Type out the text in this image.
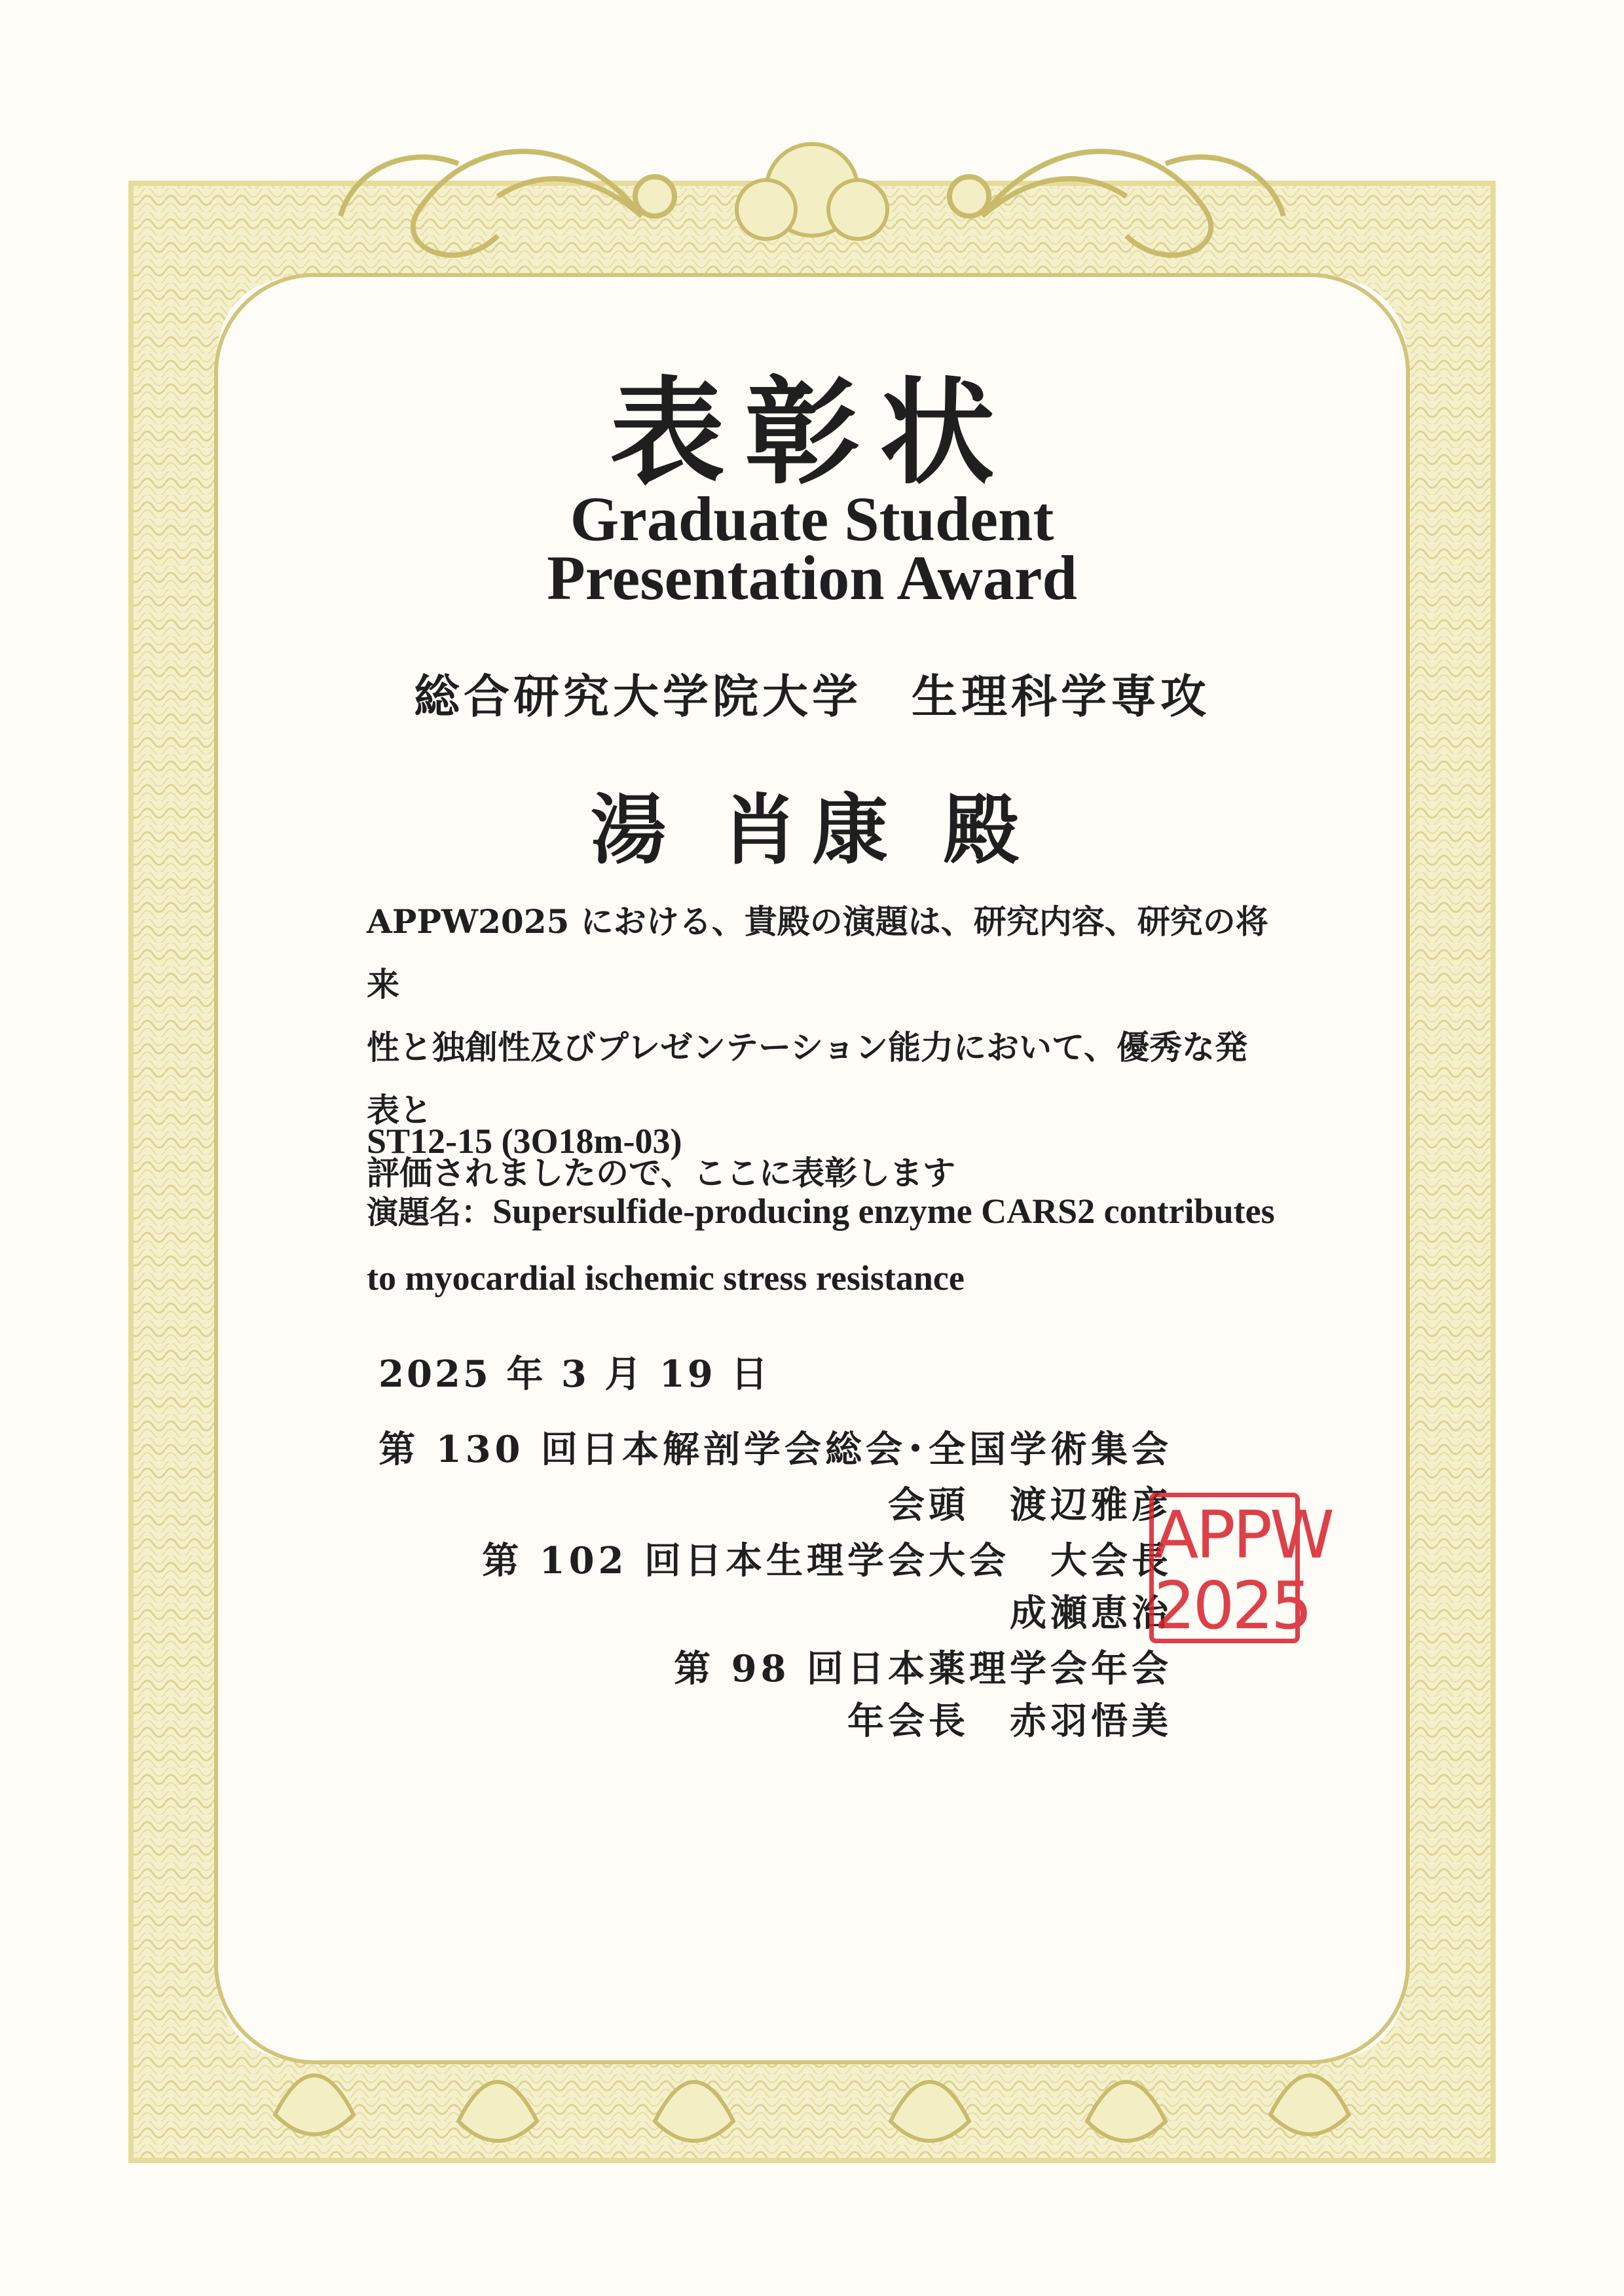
表彰状
Graduate Student
Presentation Award
総合研究大学院大学　生理科学専攻
湯 肖康 殿
APPW2025 における、貴殿の演題は、研究内容、研究の将来
性と独創性及びプレゼンテーション能力において、優秀な発表と
評価されましたので、ここに表彰します
ST12-15 (3O18m-03)
演題名：Supersulfide-producing enzyme CARS2 contributes
to myocardial ischemic stress resistance
2025 年 3 月 19 日
第 130 回日本解剖学会総会･全国学術集会
会頭　渡辺雅彦
第 102 回日本生理学会大会　大会長
成瀬恵治
第 98 回日本薬理学会年会
年会長　赤羽悟美
APPW
2025
